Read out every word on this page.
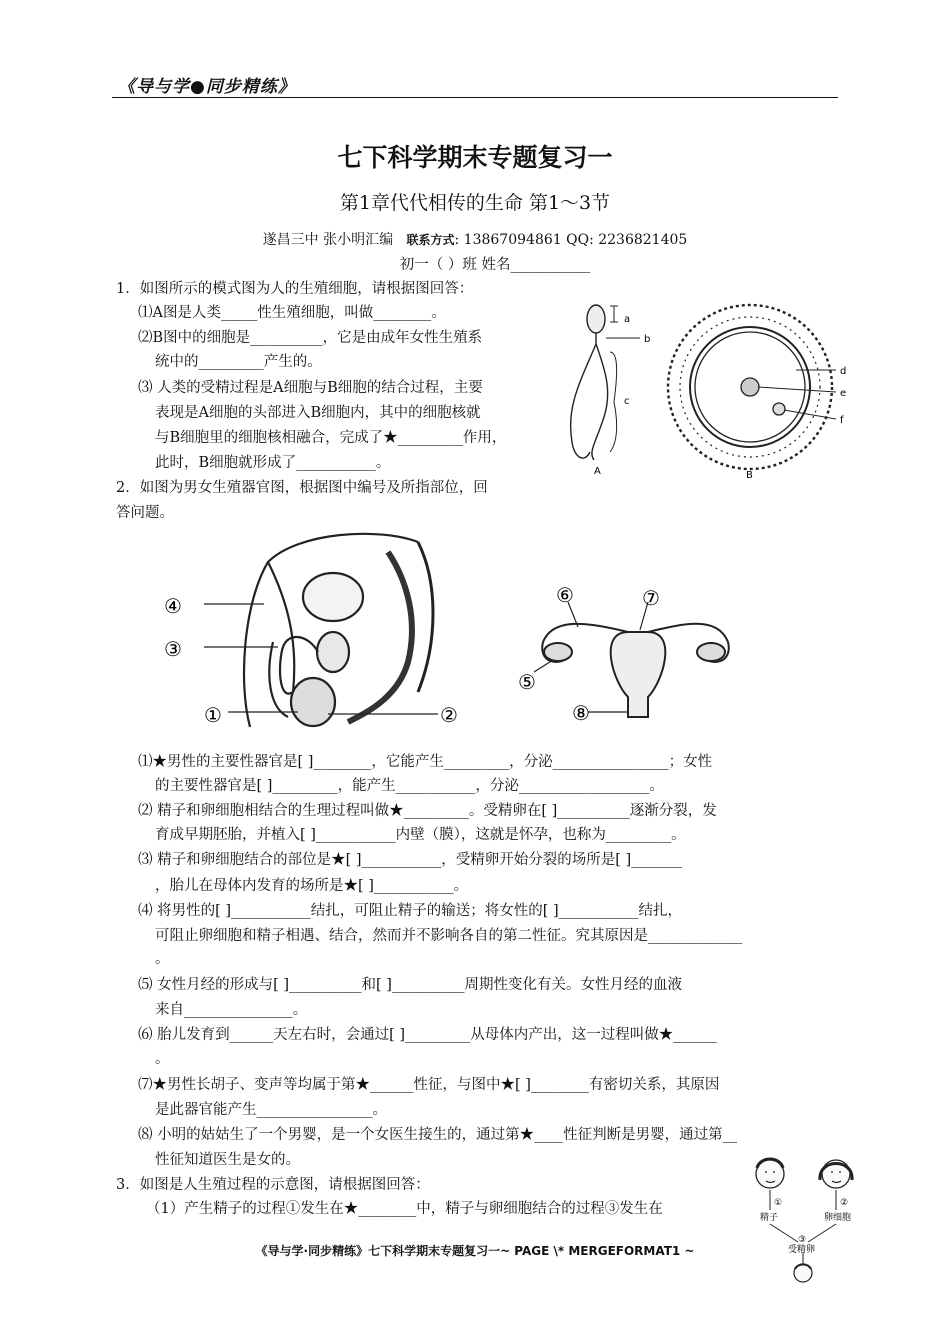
《导与学●同步精练》
七下科学期末专题复习一
第1章代代相传的生命 第1～3节
遂昌三中 张小明汇编 联系方式: 13867094861 QQ: 2236821405
初一（ ）班 姓名___________
1．如图所示的模式图为人的生殖细胞，请根据图回答：
⑴A图是人类_____性生殖细胞，叫做________。
⑵B图中的细胞是__________，它是由成年女性生殖系
统中的_________产生的。
⑶ 人类的受精过程是A细胞与B细胞的结合过程，主要
表现是A细胞的头部进入B细胞内，其中的细胞核就
与B细胞里的细胞核相融合，完成了★_________作用，
此时，B细胞就形成了___________。
a
b
c
A
d
e
f
B
2．如图为男女生殖器官图，根据图中编号及所指部位，回
答问题。
④
③
①	②
⑥	⑦
⑤
⑧
⑴★男性的主要性器官是[ ]________，它能产生_________，分泌________________；女性
的主要性器官是[ ]_________，能产生___________，分泌__________________。
⑵ 精子和卵细胞相结合的生理过程叫做★_________。受精卵在[ ]__________逐渐分裂，发
育成早期胚胎，并植入[ ]___________内壁（膜），这就是怀孕，也称为_________。
⑶ 精子和卵细胞结合的部位是★[ ]___________，受精卵开始分裂的场所是[ ]_______
，胎儿在母体内发育的场所是★[ ]___________。
⑷ 将男性的[ ]___________结扎，可阻止精子的输送；将女性的[ ]___________结扎，
可阻止卵细胞和精子相遇、结合，然而并不影响各自的第二性征。究其原因是_____________
。
⑸ 女性月经的形成与[ ]__________和[ ]__________周期性变化有关。女性月经的血液
来自_______________。
⑹ 胎儿发育到______天左右时，会通过[ ]_________从母体内产出，这一过程叫做★______
。
⑺★男性长胡子、变声等均属于第★______性征，与图中★[ ]________有密切关系，其原因
是此器官能产生________________。
⑻ 小明的姑姑生了一个男婴，是一个女医生接生的，通过第★____性征判断是男婴，通过第__
性征知道医生是女的。
3．如图是人生殖过程的示意图，请根据图回答：
（1）产生精子的过程①发生在★________中，精子与卵细胞结合的过程③发生在	①	②
精子	卵细胞
③
受精卵
《导与学·同步精练》七下科学期末专题复习一~ PAGE \* MERGEFORMAT1 ~
